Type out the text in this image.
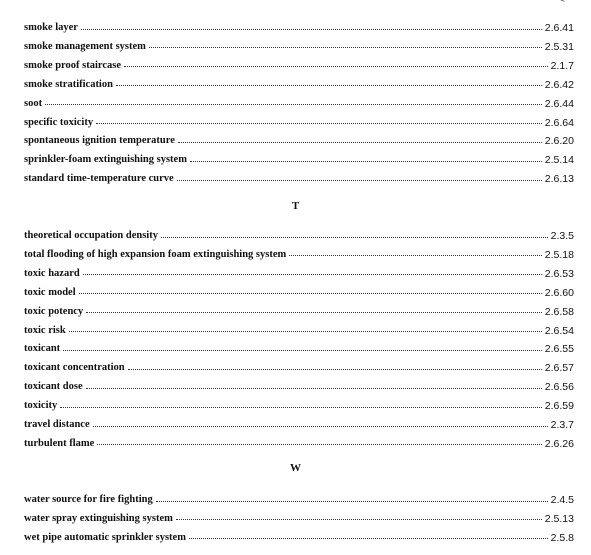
smoke layer	2.6.41
smoke management system	2.5.31
smoke proof staircase	2.1.7
smoke stratification	2.6.42
soot	2.6.44
specific toxicity	2.6.64
spontaneous ignition temperature	2.6.20
sprinkler-foam extinguishing system	2.5.14
standard time-temperature curve	2.6.13
T
theoretical occupation density	2.3.5
total flooding of high expansion foam extinguishing system	2.5.18
toxic hazard	2.6.53
toxic model	2.6.60
toxic potency	2.6.58
toxic risk	2.6.54
toxicant	2.6.55
toxicant concentration	2.6.57
toxicant dose	2.6.56
toxicity	2.6.59
travel distance	2.3.7
turbulent flame	2.6.26
W
water source for fire fighting	2.4.5
water spray extinguishing system	2.5.13
wet pipe automatic sprinkler system	2.5.8
